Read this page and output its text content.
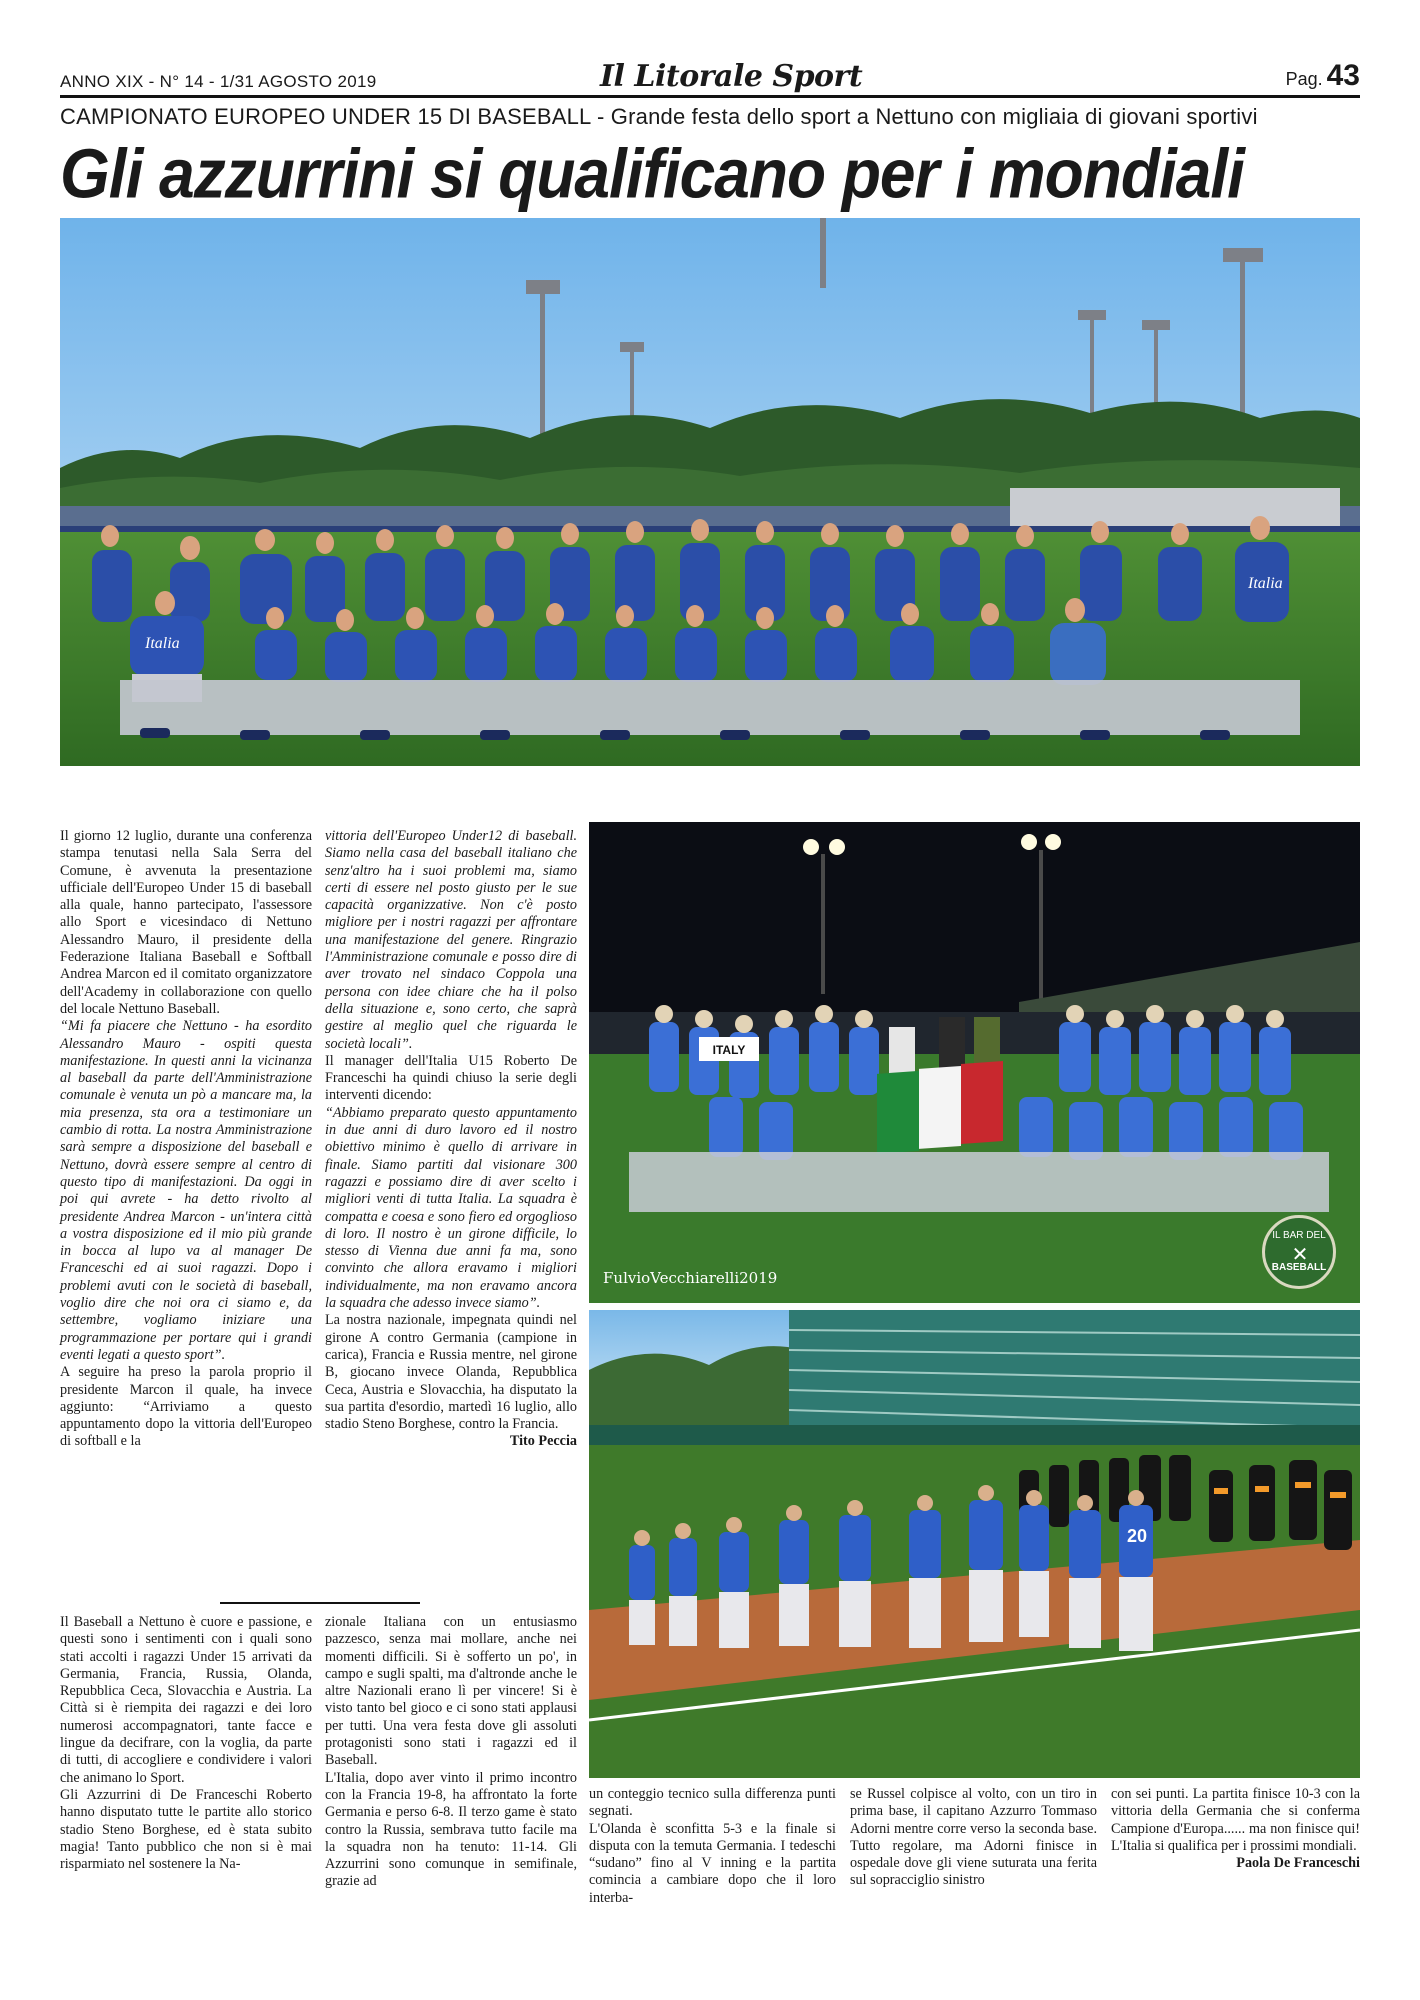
ANNO XIX - N° 14 - 1/31 AGOSTO 2019	Il Litorale Sport	Pag. 43
CAMPIONATO EUROPEO UNDER 15 DI BASEBALL - Grande festa dello sport a Nettuno con migliaia di giovani sportivi
Gli azzurrini si qualificano per i mondiali
Italia
Italia
ITALY
FulvioVecchiarelli2019
IL BAR DEL
✕
BASEBALL
20

Il giorno 12 luglio, durante una conferenza stampa tenutasi nella Sala Serra del Comune, è avvenuta la presentazione ufficiale dell'Europeo Under 15 di baseball alla quale, hanno partecipato, l'assessore allo Sport e vicesindaco di Nettuno Alessandro Mauro, il presidente della Federazione Italiana Baseball e Softball Andrea Marcon ed il comitato organizzatore dell'Academy in collaborazione con quello del locale Nettuno Baseball.

“Mi fa piacere che Nettuno - ha esordito Alessandro Mauro - ospiti questa manifestazione. In questi anni la vicinanza al baseball da parte dell'Amministrazione comunale è venuta un pò a mancare ma, la mia presenza, sta ora a testimoniare un cambio di rotta. La nostra Amministrazione sarà sempre a disposizione del baseball e Nettuno, dovrà essere sempre al centro di questo tipo di manifestazioni. Da oggi in poi qui avrete - ha detto rivolto al presidente Andrea Marcon - un'intera città a vostra disposizione ed il mio più grande in bocca al lupo va al manager De Franceschi ed ai suoi ragazzi. Dopo i problemi avuti con le società di baseball, voglio dire che noi ora ci siamo e, da settembre, vogliamo iniziare una programmazione per portare qui i grandi eventi legati a questo sport”.

A seguire ha preso la parola proprio il presidente Marcon il quale, ha invece aggiunto: “Arriviamo a questo appuntamento dopo la vittoria dell'Europeo di softball e la

vittoria dell'Europeo Under12 di baseball. Siamo nella casa del baseball italiano che senz'altro ha i suoi problemi ma, siamo certi di essere nel posto giusto per le sue capacità organizzative. Non c'è posto migliore per i nostri ragazzi per affrontare una manifestazione del genere. Ringrazio l'Amministrazione comunale e posso dire di aver trovato nel sindaco Coppola una persona con idee chiare che ha il polso della situazione e, sono certo, che saprà gestire al meglio quel che riguarda le società locali”.

Il manager dell'Italia U15 Roberto De Franceschi ha quindi chiuso la serie degli interventi dicendo:

“Abbiamo preparato questo appuntamento in due anni di duro lavoro ed il nostro obiettivo minimo è quello di arrivare in finale. Siamo partiti dal visionare 300 ragazzi e possiamo dire di aver scelto i migliori venti di tutta Italia. La squadra è compatta e coesa e sono fiero ed orgoglioso di loro. Il nostro è un girone difficile, lo stesso di Vienna due anni fa ma, sono convinto che allora eravamo i migliori individualmente, ma non eravamo ancora la squadra che adesso invece siamo”.

La nostra nazionale, impegnata quindi nel girone A contro Germania (campione in carica), Francia e Russia mentre, nel girone B, giocano invece Olanda, Repubblica Ceca, Austria e Slovacchia, ha disputato la sua partita d'esordio, martedì 16 luglio, allo stadio Steno Borghese, contro la Francia.

Tito Peccia

Il Baseball a Nettuno è cuore e passione, e questi sono i sentimenti con i quali sono stati accolti i ragazzi Under 15 arrivati da Germania, Francia, Russia, Olanda, Repubblica Ceca, Slovacchia e Austria. La Città si è riempita dei ragazzi e dei loro numerosi accompagnatori, tante facce e lingue da decifrare, con la voglia, da parte di tutti, di accogliere e condividere i valori che animano lo Sport.

Gli Azzurrini di De Franceschi Roberto hanno disputato tutte le partite allo storico stadio Steno Borghese, ed è stata subito magia! Tanto pubblico che non si è mai risparmiato nel sostenere la Na-

zionale Italiana con un entusiasmo pazzesco, senza mai mollare, anche nei momenti difficili. Si è sofferto un po', in campo e sugli spalti, ma d'altronde anche le altre Nazionali erano lì per vincere! Si è visto tanto bel gioco e ci sono stati applausi per tutti. Una vera festa dove gli assoluti protagonisti sono stati i ragazzi ed il Baseball.

L'Italia, dopo aver vinto il primo incontro con la Francia 19-8, ha affrontato la forte Germania e perso 6-8. Il terzo game è stato contro la Russia, sembrava tutto facile ma la squadra non ha tenuto: 11-14. Gli Azzurrini sono comunque in semifinale, grazie ad

un conteggio tecnico sulla differenza punti segnati.

L'Olanda è sconfitta 5-3 e la finale si disputa con la temuta Germania. I tedeschi “sudano” fino al V inning e la partita comincia a cambiare dopo che il loro interba-

se Russel colpisce al volto, con un tiro in prima base, il capitano Azzurro Tommaso Adorni mentre corre verso la seconda base. Tutto regolare, ma Adorni finisce in ospedale dove gli viene suturata una ferita sul sopracciglio sinistro

con sei punti. La partita finisce 10-3 con la vittoria della Germania che si conferma Campione d'Europa...... ma non finisce qui! L'Italia si qualifica per i prossimi mondiali.

Paola De Franceschi
